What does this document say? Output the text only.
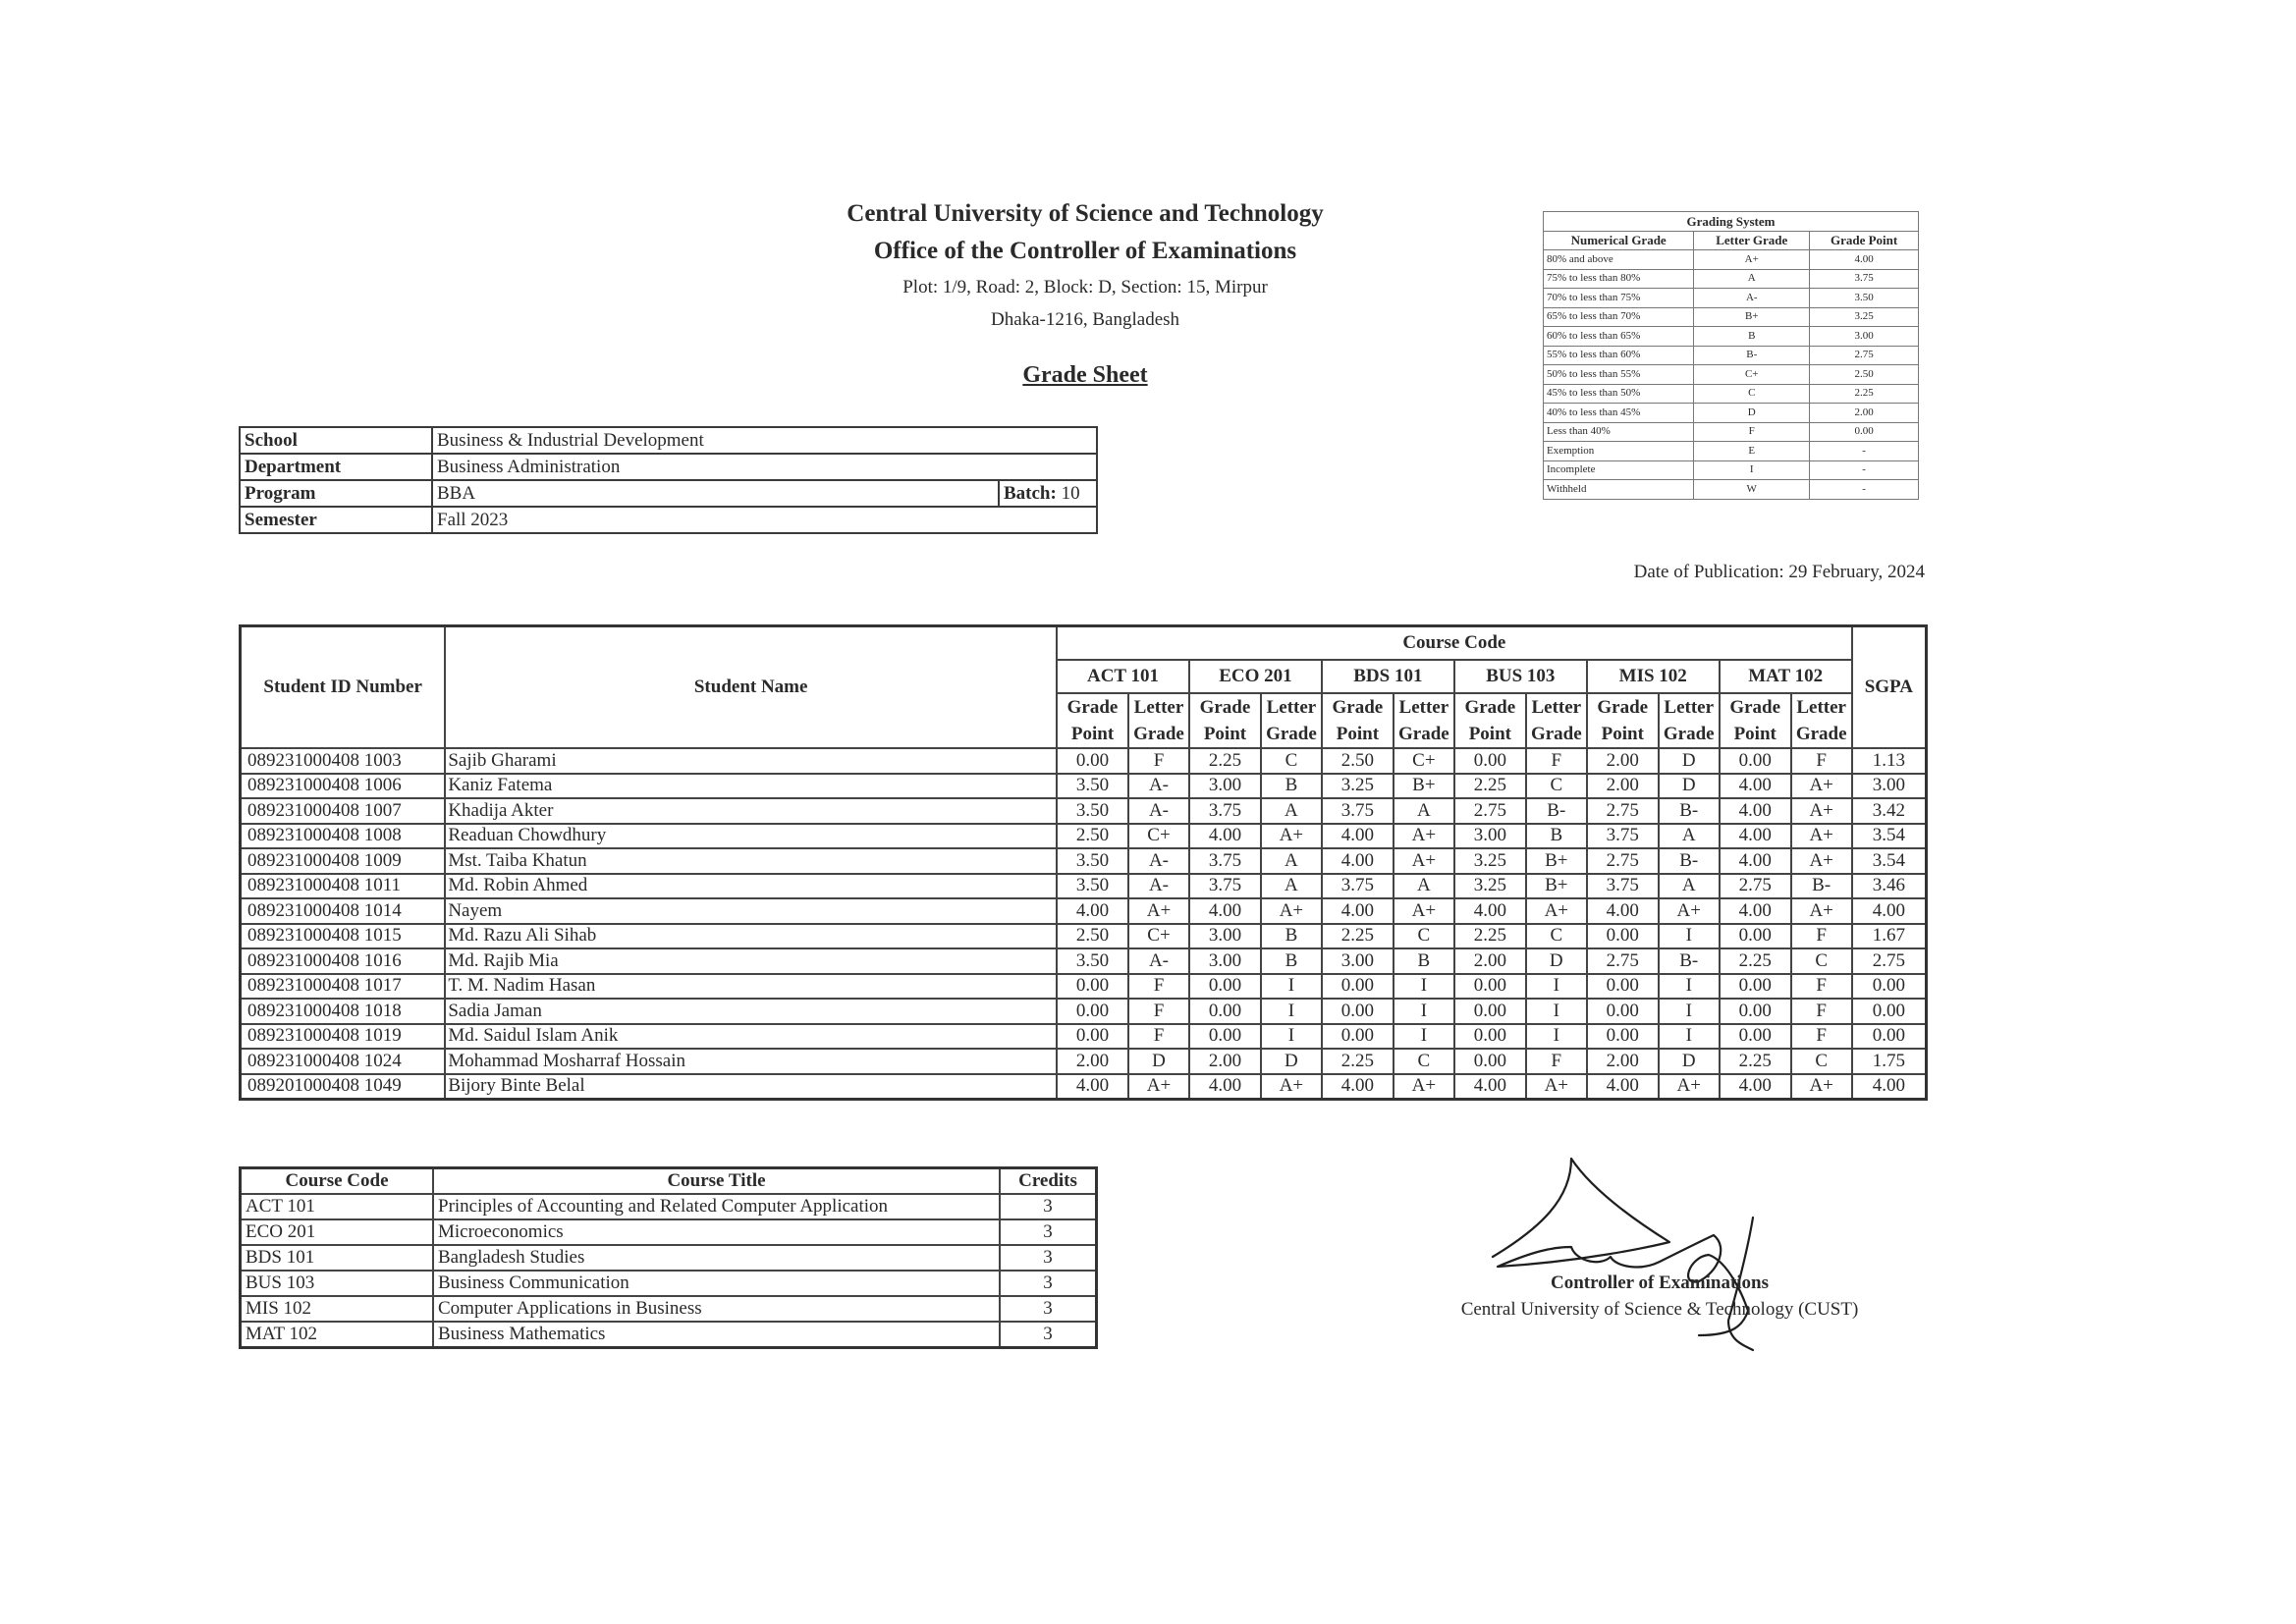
Central University of Science and Technology
Office of the Controller of Examinations
Plot: 1/9, Road: 2, Block: D, Section: 15, Mirpur
Dhaka-1216, Bangladesh
Grade Sheet
School	Business & Industrial Development	
Department	Business Administration	
Program	BBA	Batch: 10
Semester	Fall 2023	
Grading System		
Numerical Grade	Letter Grade	Grade Point
80% and above	A+	4.00
75% to less than 80%	A	3.75
70% to less than 75%	A-	3.50
65% to less than 70%	B+	3.25
60% to less than 65%	B	3.00
55% to less than 60%	B-	2.75
50% to less than 55%	C+	2.50
45% to less than 50%	C	2.25
40% to less than 45%	D	2.00
Less than 40%	F	0.00
Exemption	E	-
Incomplete	I	-
Withheld	W	-
Date of Publication: 29 February, 2024
Student ID Number	Student Name	Course Code												SGPA
		ACT 101		ECO 201		BDS 101		BUS 103		MIS 102		MAT 102		
		Grade Point	Letter Grade	Grade Point	Letter Grade	Grade Point	Letter Grade	Grade Point	Letter Grade	Grade Point	Letter Grade	Grade Point	Letter Grade	
089231000408 1003	Sajib Gharami	0.00	F	2.25	C	2.50	C+	0.00	F	2.00	D	0.00	F	1.13
089231000408 1006	Kaniz Fatema	3.50	A-	3.00	B	3.25	B+	2.25	C	2.00	D	4.00	A+	3.00
089231000408 1007	Khadija Akter	3.50	A-	3.75	A	3.75	A	2.75	B-	2.75	B-	4.00	A+	3.42
089231000408 1008	Readuan Chowdhury	2.50	C+	4.00	A+	4.00	A+	3.00	B	3.75	A	4.00	A+	3.54
089231000408 1009	Mst. Taiba Khatun	3.50	A-	3.75	A	4.00	A+	3.25	B+	2.75	B-	4.00	A+	3.54
089231000408 1011	Md. Robin Ahmed	3.50	A-	3.75	A	3.75	A	3.25	B+	3.75	A	2.75	B-	3.46
089231000408 1014	Nayem	4.00	A+	4.00	A+	4.00	A+	4.00	A+	4.00	A+	4.00	A+	4.00
089231000408 1015	Md. Razu Ali Sihab	2.50	C+	3.00	B	2.25	C	2.25	C	0.00	I	0.00	F	1.67
089231000408 1016	Md. Rajib Mia	3.50	A-	3.00	B	3.00	B	2.00	D	2.75	B-	2.25	C	2.75
089231000408 1017	T. M. Nadim Hasan	0.00	F	0.00	I	0.00	I	0.00	I	0.00	I	0.00	F	0.00
089231000408 1018	Sadia Jaman	0.00	F	0.00	I	0.00	I	0.00	I	0.00	I	0.00	F	0.00
089231000408 1019	Md. Saidul Islam Anik	0.00	F	0.00	I	0.00	I	0.00	I	0.00	I	0.00	F	0.00
089231000408 1024	Mohammad Mosharraf Hossain	2.00	D	2.00	D	2.25	C	0.00	F	2.00	D	2.25	C	1.75
089201000408 1049	Bijory Binte Belal	4.00	A+	4.00	A+	4.00	A+	4.00	A+	4.00	A+	4.00	A+	4.00
Course Code	Course Title	Credits
ACT 101	Principles of Accounting and Related Computer Application	3
ECO 201	Microeconomics	3
BDS 101	Bangladesh Studies	3
BUS 103	Business Communication	3
MIS 102	Computer Applications in Business	3
MAT 102	Business Mathematics	3
Controller of Examinations
Central University of Science & Technology (CUST)
